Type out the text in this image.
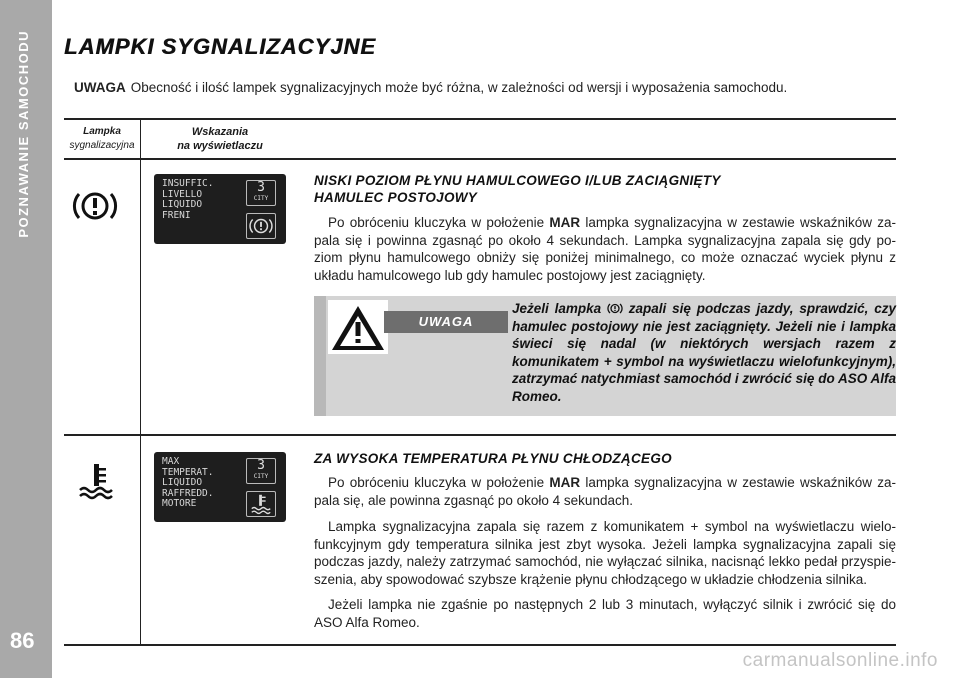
POZNAWANIE SAMOCHODU
86
LAMPKI SYGNALIZACYJNE
UWAGA Obecność i ilość lampek sygnalizacyjnych może być różna, w zależności od wersji i wyposażenia samochodu.
Lampka
sygnalizacyjna
Wskazania
na wyświetlaczu
INSUFFIC.
LIVELLO
LIQUIDO
FRENI
3
CITY
NISKI POZIOM PŁYNU HAMULCOWEGO I/LUB ZACIĄGNIĘTY
HAMULEC POSTOJOWY
Po obróceniu kluczyka w położenie MAR lampka sygnalizacyjna w zestawie wskaźników za-pala się i powinna zgasnąć po około 4 sekundach. Lampka sygnalizacyjna zapala się gdy po-ziom płynu hamulcowego obniży się poniżej minimalnego, co może oznaczać wyciek płynu z układu hamulcowego lub gdy hamulec postojowy jest zaciągnięty.
UWAGA
Jeżeli lampka  zapali się podczas jazdy, sprawdzić, czy hamulec postojowy nie jest zaciągnięty. Jeżeli nie i lampka świeci się nadal (w niektórych wersjach razem z komunikatem + symbol na wyświetlaczu wielofunkcyjnym), zatrzymać natychmiast samochód i zwrócić się do ASO Alfa Romeo.
MAX
TEMPERAT.
LIQUIDO
RAFFREDD.
MOTORE
3
CITY
ZA WYSOKA TEMPERATURA PŁYNU CHŁODZĄCEGO
Po obróceniu kluczyka w położenie MAR lampka sygnalizacyjna w zestawie wskaźników za-pala się, ale powinna zgasnąć po około 4 sekundach.
Lampka sygnalizacyjna zapala się razem z komunikatem + symbol na wyświetlaczu wielo-funkcyjnym gdy temperatura silnika jest zbyt wysoka. Jeżeli lampka sygnalizacyjna zapali się podczas jazdy, należy zatrzymać samochód, nie wyłączać silnika, nacisnąć lekko pedał przyspie-szenia, aby spowodować szybsze krążenie płynu chłodzącego w układzie chłodzenia silnika.
Jeżeli lampka nie zgaśnie po następnych 2 lub 3 minutach, wyłączyć silnik i zwrócić się do ASO Alfa Romeo.
carmanualsonline.info
